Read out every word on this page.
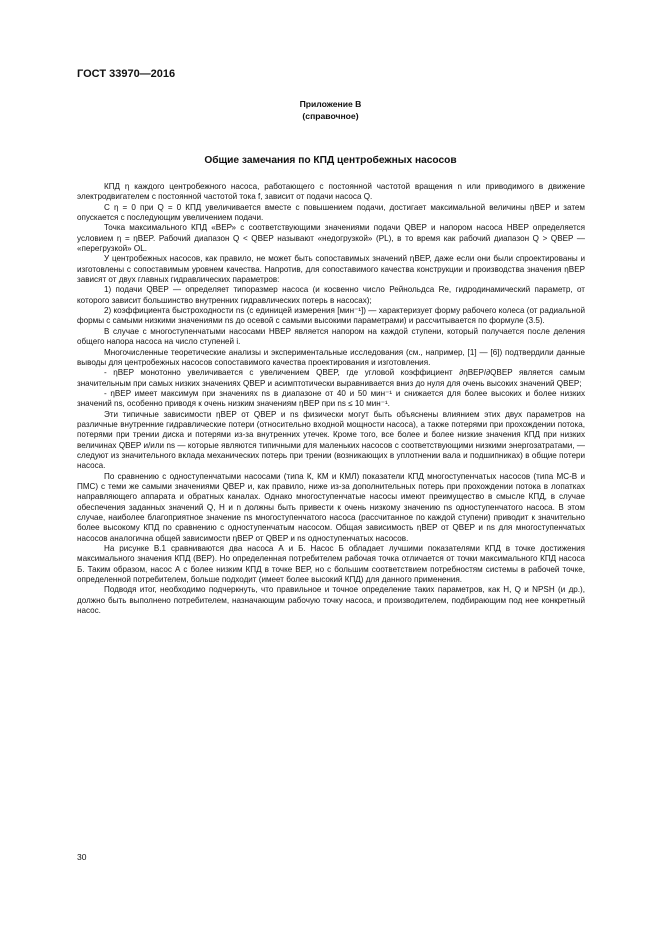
ГОСТ 33970—2016
Приложение В
(справочное)
Общие замечания по КПД центробежных насосов

КПД η каждого центробежного насоса, работающего с постоянной частотой вращения n или приводимого в движение электродвигателем с постоянной частотой тока f, зависит от подачи насоса Q.

С η = 0 при Q = 0 КПД увеличивается вместе с повышением подачи, достигает максимальной величины ηBEP и затем опускается с последующим увеличением подачи.

Точка максимального КПД «ВЕР» с соответствующими значениями подачи QBEP и напором насоса HBEP определяется условием η = ηBEP. Рабочий диапазон Q < QBEP называют «недогрузкой» (PL), в то время как рабочий диапазон Q > QBEP — «перегрузкой» OL.

У центробежных насосов, как правило, не может быть сопоставимых значений ηBEP, даже если они были спроектированы и изготовлены с сопоставимым уровнем качества. Напротив, для сопоставимого качества конструкции и производства значения ηBEP зависят от двух главных гидравлических параметров:

1) подачи QBEP — определяет типоразмер насоса (и косвенно число Рейнольдса Re, гидродинамический параметр, от которого зависит большинство внутренних гидравлических потерь в насосах);

2) коэффициента быстроходности ns (с единицей измерения [мин⁻¹]) — характеризует форму рабочего колеса (от радиальной формы с самыми низкими значениями ns до осевой с самыми высокими параметрами) и рассчитывается по формуле (3.5).

В случае с многоступенчатыми насосами HBEP является напором на каждой ступени, который получается после деления общего напора насоса на число ступеней i.

Многочисленные теоретические анализы и экспериментальные исследования (см., например, [1] — [6]) подтвердили данные выводы для центробежных насосов сопоставимого качества проектирования и изготовления.

- ηBEP монотонно увеличивается с увеличением QBEP, где угловой коэффициент ∂ηBEP/∂QBEP является самым значительным при самых низких значениях QBEP и асимптотически выравнивается вниз до нуля для очень высоких значений QBEP;

- ηBEP имеет максимум при значениях ns в диапазоне от 40 и 50 мин⁻¹ и снижается для более высоких и более низких значений ns, особенно приводя к очень низким значениям ηBEP при ns ≤ 10 мин⁻¹.

Эти типичные зависимости ηBEP от QBEP и ns физически могут быть объяснены влиянием этих двух параметров на различные внутренние гидравлические потери (относительно входной мощности насоса), а также потерями при прохождении потока, потерями при трении диска и потерями из-за внутренних утечек. Кроме того, все более и более низкие значения КПД при низких величинах QBEP и/или ns — которые являются типичными для маленьких насосов с соответствующими низкими энергозатратами, — следуют из значительного вклада механических потерь при трении (возникающих в уплотнении вала и подшипниках) в общие потери насоса.

По сравнению с одноступенчатыми насосами (типа К, КМ и КМЛ) показатели КПД многоступенчатых насосов (типа МС-В и ПМС) с теми же самыми значениями QBEP и, как правило, ниже из-за дополнительных потерь при прохождении потока в лопатках направляющего аппарата и обратных каналах. Однако многоступенчатые насосы имеют преимущество в смысле КПД, в случае обеспечения заданных значений Q, H и n должны быть привести к очень низкому значению ns одноступенчатого насоса. В этом случае, наиболее благоприятное значение ns многоступенчатого насоса (рассчитанное по каждой ступени) приводит к значительно более высокому КПД по сравнению с одноступенчатым насосом. Общая зависимость ηBEP от QBEP и ns для многоступенчатых насосов аналогична общей зависимости ηBEP от QBEP и ns одноступенчатых насосов.

На рисунке В.1 сравниваются два насоса А и Б. Насос Б обладает лучшими показателями КПД в точке достижения максимального значения КПД (ВЕР). Но определенная потребителем рабочая точка отличается от точки максимального КПД насоса Б. Таким образом, насос А с более низким КПД в точке ВЕР, но с большим соответствием потребностям системы в рабочей точке, определенной потребителем, больше подходит (имеет более высокий КПД) для данного применения.

Подводя итог, необходимо подчеркнуть, что правильное и точное определение таких параметров, как H, Q и NPSH (и др.), должно быть выполнено потребителем, назначающим рабочую точку насоса, и производителем, подбирающим под нее конкретный насос.

30
